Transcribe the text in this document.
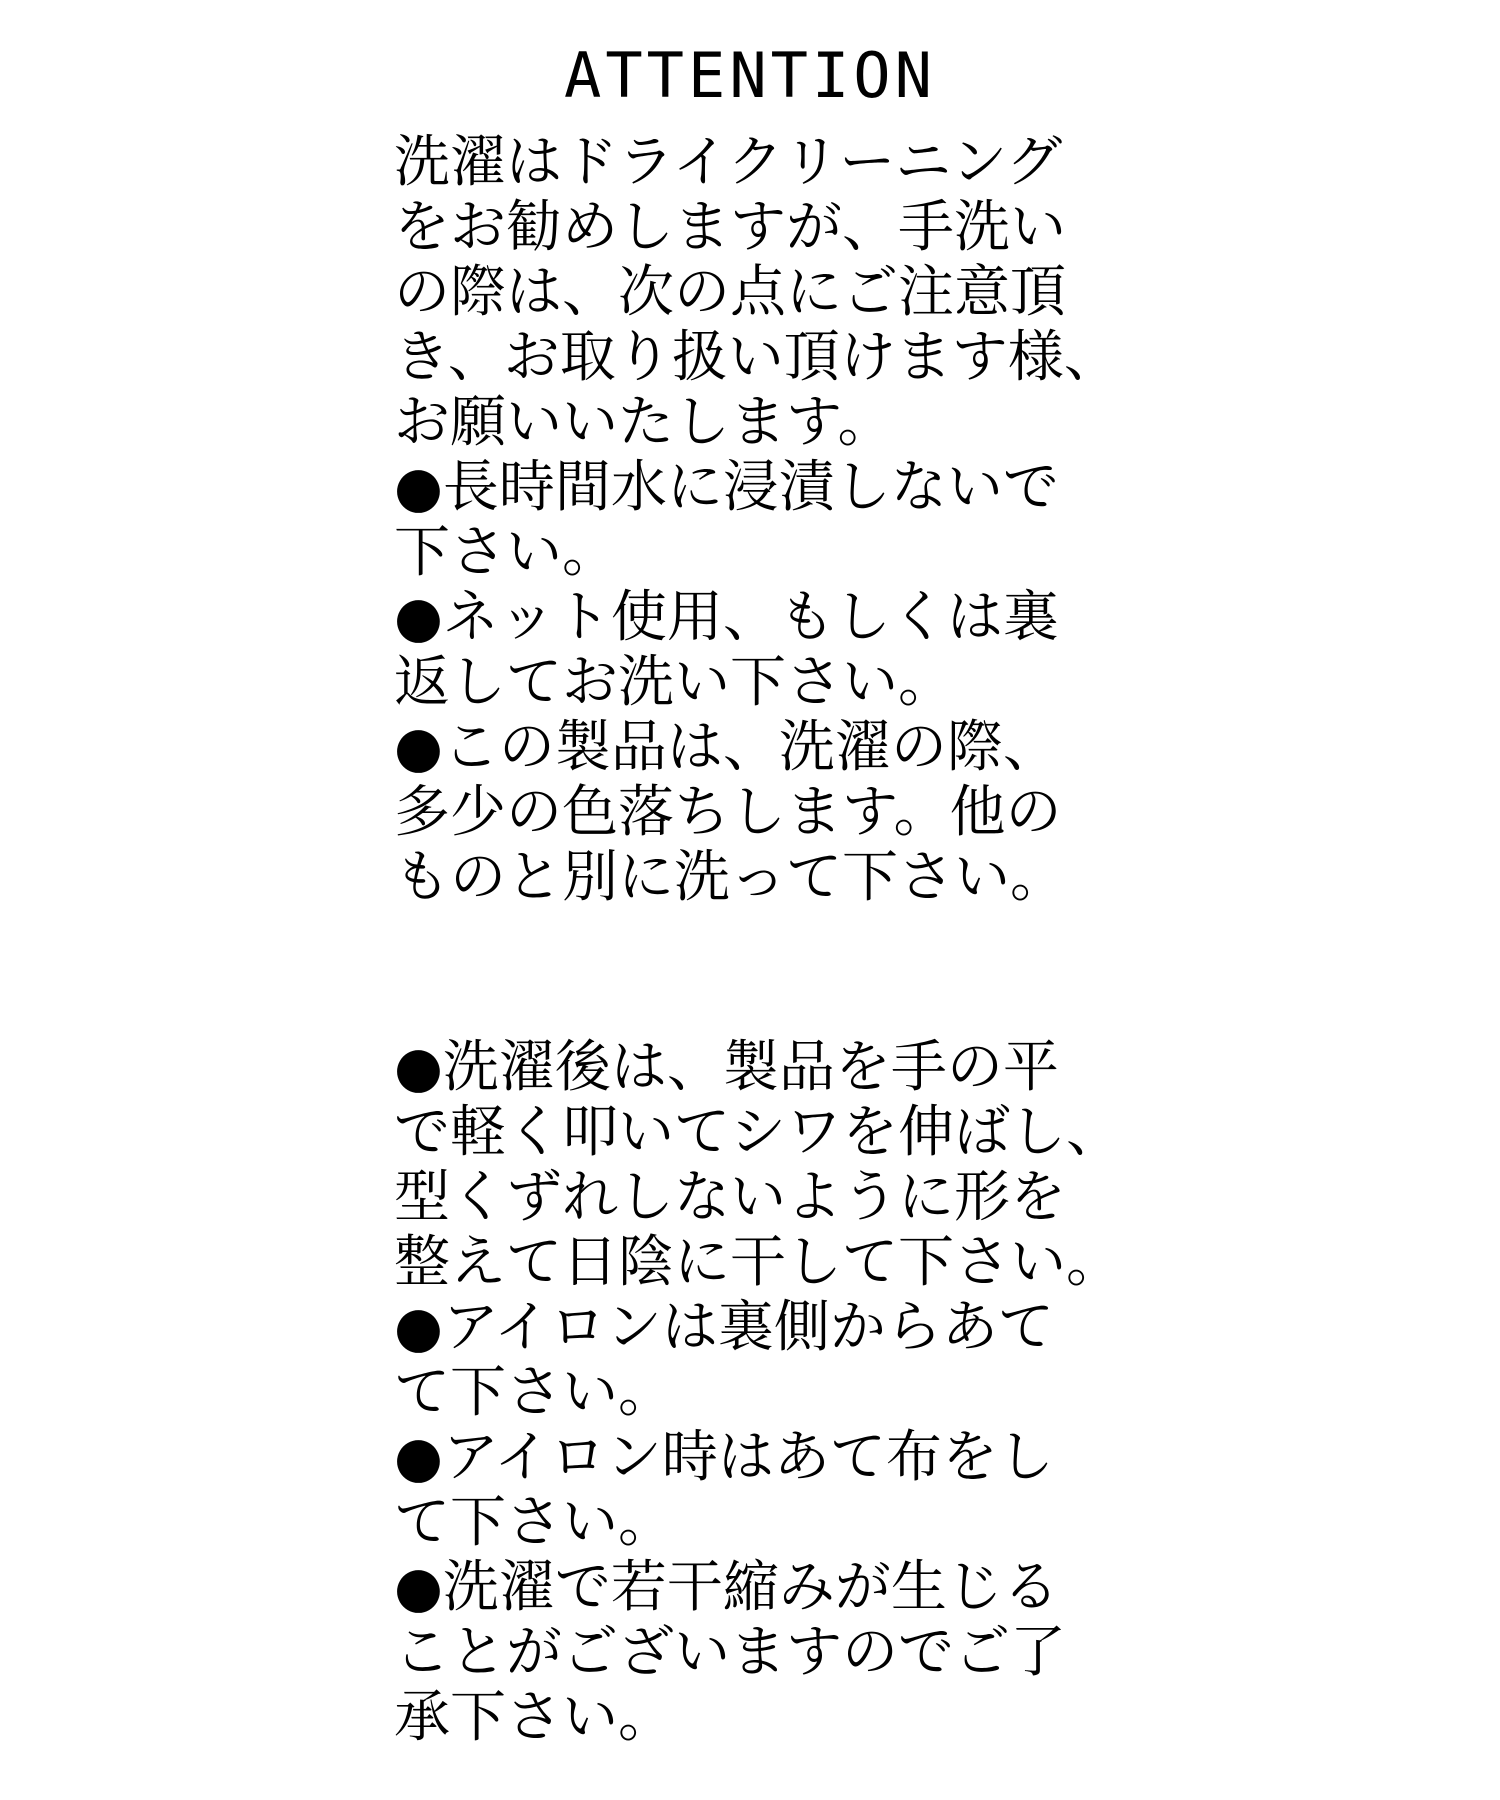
ATTENTION
洗濯はドライクリーニング
をお勧めしますが、手洗い
の際は、次の点にご注意頂
き、お取り扱い頂けます様、
お願いいたします。
●長時間水に浸漬しないで
下さい。
●ネット使用、もしくは裏
返してお洗い下さい。
●この製品は、洗濯の際、
多少の色落ちします。他の
ものと別に洗って下さい。
●洗濯後は、製品を手の平
で軽く叩いてシワを伸ばし、
型くずれしないように形を
整えて日陰に干して下さい。
●アイロンは裏側からあて
て下さい。
●アイロン時はあて布をし
て下さい。
●洗濯で若干縮みが生じる
ことがございますのでご了
承下さい。
